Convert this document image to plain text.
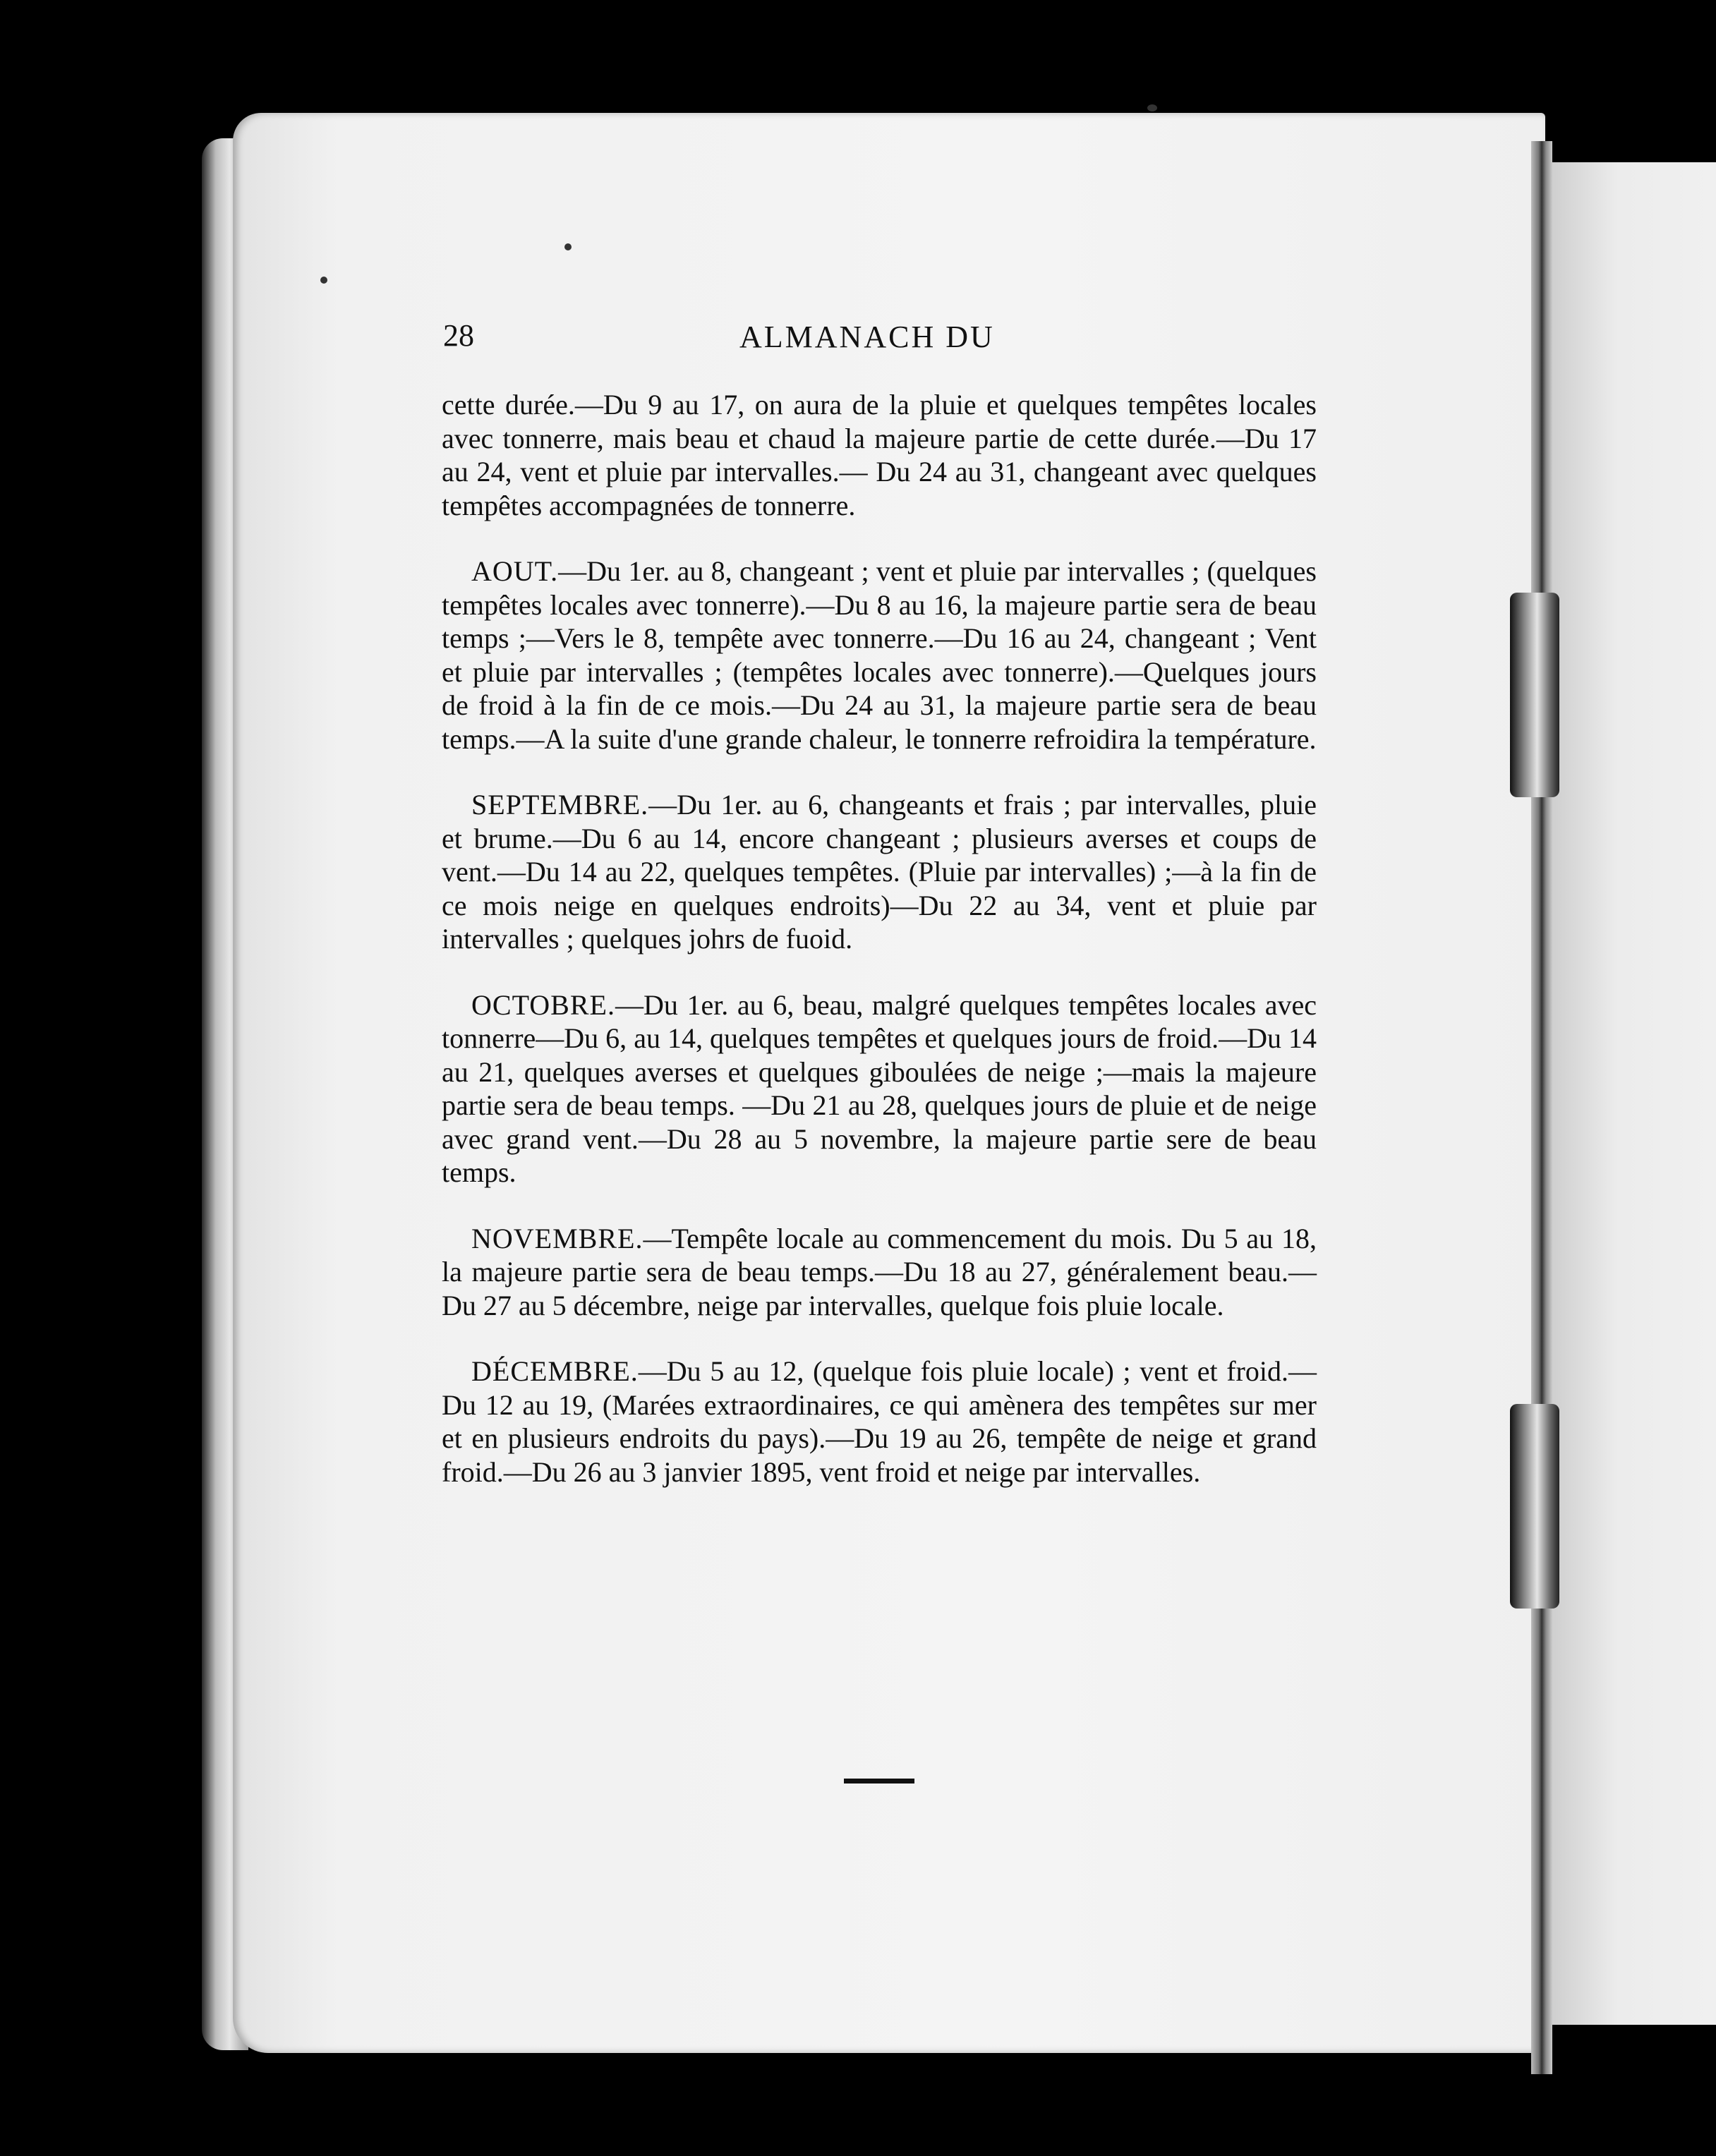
28	ALMANACH DU

cette durée.—Du 9 au 17, on aura de la pluie et quelques tempêtes locales avec tonnerre, mais beau et chaud la majeure partie de cette durée.—Du 17 au 24, vent et pluie par intervalles.— Du 24 au 31, changeant avec quelques tempêtes accompagnées de tonnerre.

AOUT.—Du 1er. au 8, changeant ; vent et pluie par intervalles ; (quelques tempêtes locales avec tonnerre).—Du 8 au 16, la majeure partie sera de beau temps ;—Vers le 8, tempête avec tonnerre.—Du 16 au 24, changeant ; Vent et pluie par intervalles ; (tempêtes locales avec tonnerre).—Quelques jours de froid à la fin de ce mois.—Du 24 au 31, la majeure partie sera de beau temps.—A la suite d'une grande chaleur, le tonnerre refroidira la température.

SEPTEMBRE.—Du 1er. au 6, changeants et frais ; par intervalles, pluie et brume.—Du 6 au 14, encore changeant ; plusieurs averses et coups de vent.—Du 14 au 22, quelques tempêtes. (Pluie par intervalles) ;—à la fin de ce mois neige en quelques endroits)—Du 22 au 34, vent et pluie par intervalles ; quelques johrs de fuoid.

OCTOBRE.—Du 1er. au 6, beau, malgré quelques tempêtes locales avec tonnerre—Du 6, au 14, quelques tempêtes et quelques jours de froid.—Du 14 au 21, quelques averses et quelques giboulées de neige ;—mais la majeure partie sera de beau temps. —Du 21 au 28, quelques jours de pluie et de neige avec grand vent.—Du 28 au 5 novembre, la majeure partie sere de beau temps.

NOVEMBRE.—Tempête locale au commencement du mois. Du 5 au 18, la majeure partie sera de beau temps.—Du 18 au 27, généralement beau.—Du 27 au 5 décembre, neige par intervalles, quelque fois pluie locale.

DÉCEMBRE.—Du 5 au 12, (quelque fois pluie locale) ; vent et froid.—Du 12 au 19, (Marées extraordinaires, ce qui amènera des tempêtes sur mer et en plusieurs endroits du pays).—Du 19 au 26, tempête de neige et grand froid.—Du 26 au 3 janvier 1895, vent froid et neige par intervalles.
